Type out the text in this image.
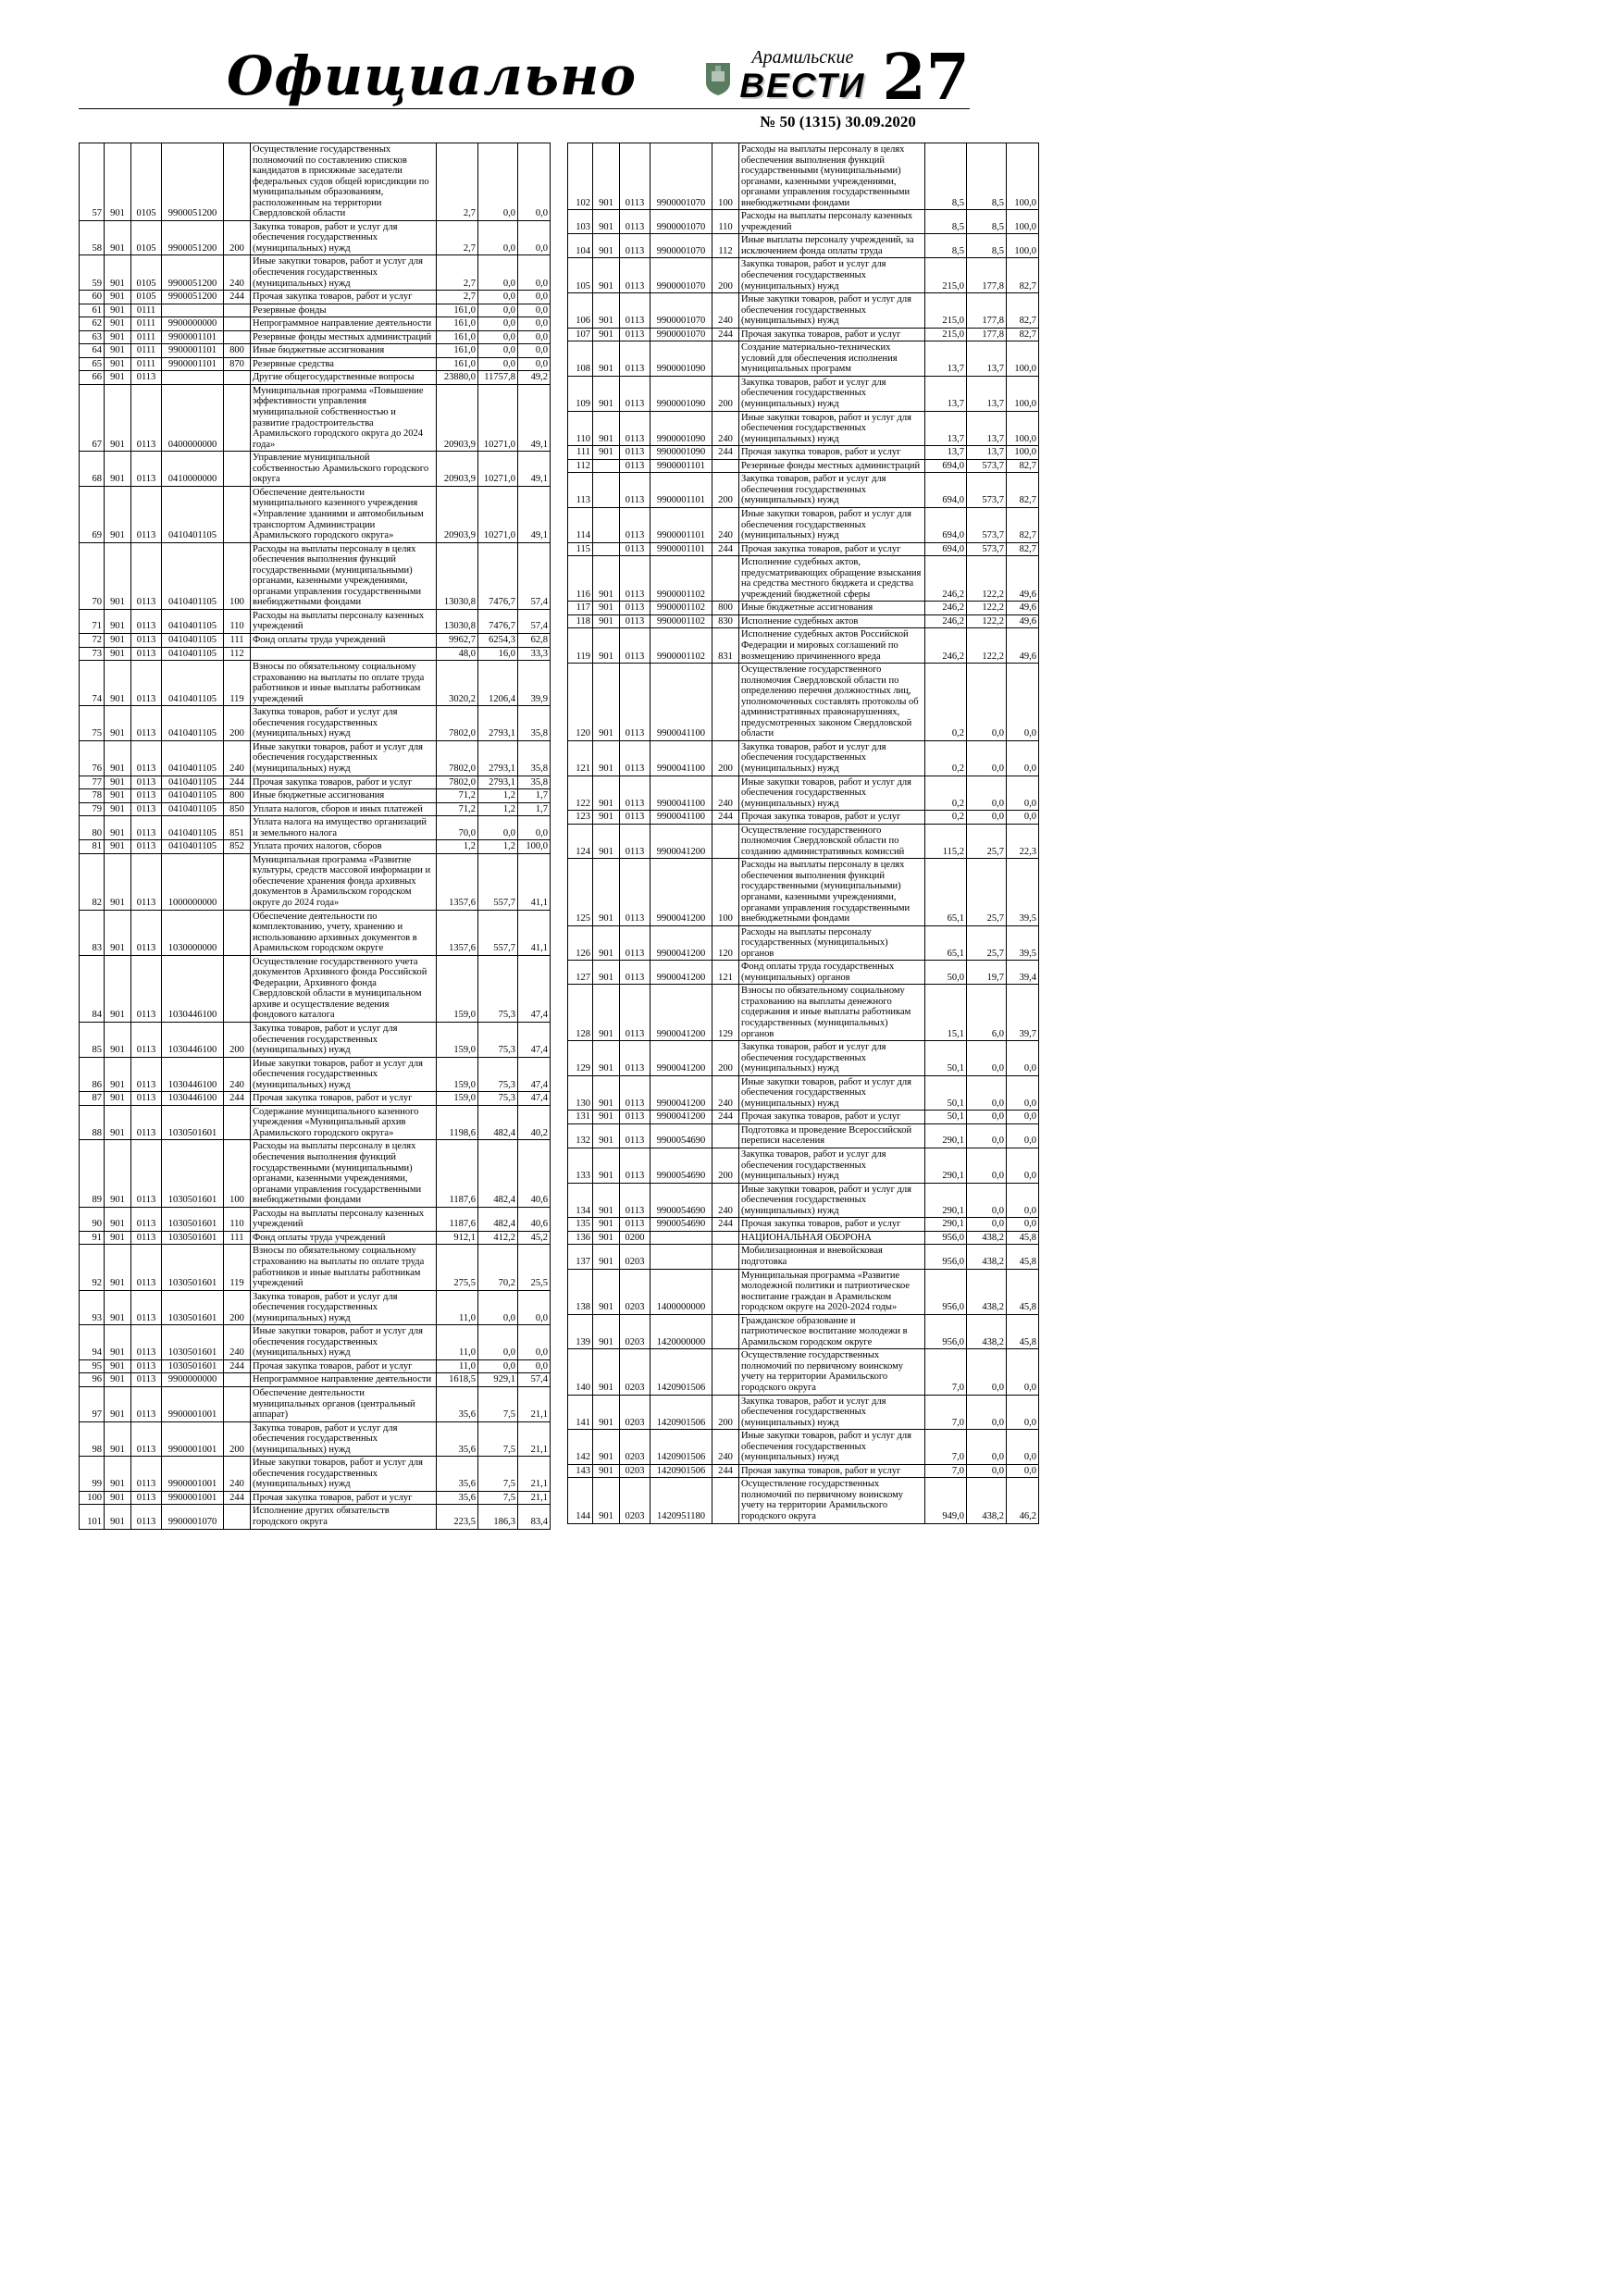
Официально	Арамильские
ВЕСТИ 27
№ 50 (1315) 30.09.2020
57	901	0105	9900051200		Осуществление государственных полномочий по составлению списков кандидатов в присяжные заседатели федеральных судов общей юрисдикции по муниципальным образованиям, расположенным на территории Свердловской области	2,7	0,0	0,0
58	901	0105	9900051200	200	Закупка товаров, работ и услуг для обеспечения государственных (муниципальных) нужд	2,7	0,0	0,0
59	901	0105	9900051200	240	Иные закупки товаров, работ и услуг для обеспечения государственных (муниципальных) нужд	2,7	0,0	0,0
60	901	0105	9900051200	244	Прочая закупка товаров, работ и услуг	2,7	0,0	0,0
61	901	0111			Резервные фонды	161,0	0,0	0,0
62	901	0111	9900000000		Непрограммное направление деятельности	161,0	0,0	0,0
63	901	0111	9900001101		Резервные фонды местных администраций	161,0	0,0	0,0
64	901	0111	9900001101	800	Иные бюджетные ассигнования	161,0	0,0	0,0
65	901	0111	9900001101	870	Резервные средства	161,0	0,0	0,0
66	901	0113			Другие общегосударственные вопросы	23880,0	11757,8	49,2
67	901	0113	0400000000		Муниципальная программа «Повышение эффективности управления муниципальной собственностью и развитие градостроительства Арамильского городского округа до 2024 года»	20903,9	10271,0	49,1
68	901	0113	0410000000		Управление муниципальной собственностью Арамильского городского округа	20903,9	10271,0	49,1
69	901	0113	0410401105		Обеспечение деятельности муниципального казенного учреждения «Управление зданиями и автомобильным транспортом Администрации Арамильского городского округа»	20903,9	10271,0	49,1
70	901	0113	0410401105	100	Расходы на выплаты персоналу в целях обеспечения выполнения функций государственными (муниципальными) органами, казенными учреждениями, органами управления государственными внебюджетными фондами	13030,8	7476,7	57,4
71	901	0113	0410401105	110	Расходы на выплаты персоналу казенных учреждений	13030,8	7476,7	57,4
72	901	0113	0410401105	111	Фонд оплаты труда учреждений	9962,7	6254,3	62,8
73	901	0113	0410401105	112		48,0	16,0	33,3
74	901	0113	0410401105	119	Взносы по обязательному социальному страхованию на выплаты по оплате труда работников и иные выплаты работникам учреждений	3020,2	1206,4	39,9
75	901	0113	0410401105	200	Закупка товаров, работ и услуг для обеспечения государственных (муниципальных) нужд	7802,0	2793,1	35,8
76	901	0113	0410401105	240	Иные закупки товаров, работ и услуг для обеспечения государственных (муниципальных) нужд	7802,0	2793,1	35,8
77	901	0113	0410401105	244	Прочая закупка товаров, работ и услуг	7802,0	2793,1	35,8
78	901	0113	0410401105	800	Иные бюджетные ассигнования	71,2	1,2	1,7
79	901	0113	0410401105	850	Уплата налогов, сборов и иных платежей	71,2	1,2	1,7
80	901	0113	0410401105	851	Уплата налога на имущество организаций и земельного налога	70,0	0,0	0,0
81	901	0113	0410401105	852	Уплата прочих налогов, сборов	1,2	1,2	100,0
82	901	0113	1000000000		Муниципальная программа «Развитие культуры, средств массовой информации и обеспечение хранения фонда архивных документов в Арамильском городском округе до 2024 года»	1357,6	557,7	41,1
83	901	0113	1030000000		Обеспечение деятельности по комплектованию, учету, хранению и использованию архивных документов в Арамильском городском округе	1357,6	557,7	41,1
84	901	0113	1030446100		Осуществление государственного учета документов Архивного фонда Российской Федерации, Архивного фонда Свердловской области в муниципальном архиве и осуществление ведения фондового каталога	159,0	75,3	47,4
85	901	0113	1030446100	200	Закупка товаров, работ и услуг для обеспечения государственных (муниципальных) нужд	159,0	75,3	47,4
86	901	0113	1030446100	240	Иные закупки товаров, работ и услуг для обеспечения государственных (муниципальных) нужд	159,0	75,3	47,4
87	901	0113	1030446100	244	Прочая закупка товаров, работ и услуг	159,0	75,3	47,4
88	901	0113	1030501601		Содержание муниципального казенного учреждения «Муниципальный архив Арамильского городского округа»	1198,6	482,4	40,2
89	901	0113	1030501601	100	Расходы на выплаты персоналу в целях обеспечения выполнения функций государственными (муниципальными) органами, казенными учреждениями, органами управления государственными внебюджетными фондами	1187,6	482,4	40,6
90	901	0113	1030501601	110	Расходы на выплаты персоналу казенных учреждений	1187,6	482,4	40,6
91	901	0113	1030501601	111	Фонд оплаты труда учреждений	912,1	412,2	45,2
92	901	0113	1030501601	119	Взносы по обязательному социальному страхованию на выплаты по оплате труда работников и иные выплаты работникам учреждений	275,5	70,2	25,5
93	901	0113	1030501601	200	Закупка товаров, работ и услуг для обеспечения государственных (муниципальных) нужд	11,0	0,0	0,0
94	901	0113	1030501601	240	Иные закупки товаров, работ и услуг для обеспечения государственных (муниципальных) нужд	11,0	0,0	0,0
95	901	0113	1030501601	244	Прочая закупка товаров, работ и услуг	11,0	0,0	0,0
96	901	0113	9900000000		Непрограммное направление деятельности	1618,5	929,1	57,4
97	901	0113	9900001001		Обеспечение деятельности муниципальных органов (центральный аппарат)	35,6	7,5	21,1
98	901	0113	9900001001	200	Закупка товаров, работ и услуг для обеспечения государственных (муниципальных) нужд	35,6	7,5	21,1
99	901	0113	9900001001	240	Иные закупки товаров, работ и услуг для обеспечения государственных (муниципальных) нужд	35,6	7,5	21,1
100	901	0113	9900001001	244	Прочая закупка товаров, работ и услуг	35,6	7,5	21,1
101	901	0113	9900001070		Исполнение других обязательств городского округа	223,5	186,3	83,4
102	901	0113	9900001070	100	Расходы на выплаты персоналу в целях обеспечения выполнения функций государственными (муниципальными) органами, казенными учреждениями, органами управления государственными внебюджетными фондами	8,5	8,5	100,0
103	901	0113	9900001070	110	Расходы на выплаты персоналу казенных учреждений	8,5	8,5	100,0
104	901	0113	9900001070	112	Иные выплаты персоналу учреждений, за исключением фонда оплаты труда	8,5	8,5	100,0
105	901	0113	9900001070	200	Закупка товаров, работ и услуг для обеспечения государственных (муниципальных) нужд	215,0	177,8	82,7
106	901	0113	9900001070	240	Иные закупки товаров, работ и услуг для обеспечения государственных (муниципальных) нужд	215,0	177,8	82,7
107	901	0113	9900001070	244	Прочая закупка товаров, работ и услуг	215,0	177,8	82,7
108	901	0113	9900001090		Создание материально-технических условий для обеспечения исполнения муниципальных программ	13,7	13,7	100,0
109	901	0113	9900001090	200	Закупка товаров, работ и услуг для обеспечения государственных (муниципальных) нужд	13,7	13,7	100,0
110	901	0113	9900001090	240	Иные закупки товаров, работ и услуг для обеспечения государственных (муниципальных) нужд	13,7	13,7	100,0
111	901	0113	9900001090	244	Прочая закупка товаров, работ и услуг	13,7	13,7	100,0
112		0113	9900001101		Резервные фонды местных администраций	694,0	573,7	82,7
113		0113	9900001101	200	Закупка товаров, работ и услуг для обеспечения государственных (муниципальных) нужд	694,0	573,7	82,7
114		0113	9900001101	240	Иные закупки товаров, работ и услуг для обеспечения государственных (муниципальных) нужд	694,0	573,7	82,7
115		0113	9900001101	244	Прочая закупка товаров, работ и услуг	694,0	573,7	82,7
116	901	0113	9900001102		Исполнение судебных актов, предусматривающих обращение взыскания на средства местного бюджета и средства учреждений бюджетной сферы	246,2	122,2	49,6
117	901	0113	9900001102	800	Иные бюджетные ассигнования	246,2	122,2	49,6
118	901	0113	9900001102	830	Исполнение судебных актов	246,2	122,2	49,6
119	901	0113	9900001102	831	Исполнение судебных актов Российской Федерации и мировых соглашений по возмещению причиненного вреда	246,2	122,2	49,6
120	901	0113	9900041100		Осуществление государственного полномочия Свердловской области по определению перечня должностных лиц, уполномоченных составлять протоколы об административных правонарушениях, предусмотренных законом Свердловской области	0,2	0,0	0,0
121	901	0113	9900041100	200	Закупка товаров, работ и услуг для обеспечения государственных (муниципальных) нужд	0,2	0,0	0,0
122	901	0113	9900041100	240	Иные закупки товаров, работ и услуг для обеспечения государственных (муниципальных) нужд	0,2	0,0	0,0
123	901	0113	9900041100	244	Прочая закупка товаров, работ и услуг	0,2	0,0	0,0
124	901	0113	9900041200		Осуществление государственного полномочия Свердловской области по созданию административных комиссий	115,2	25,7	22,3
125	901	0113	9900041200	100	Расходы на выплаты персоналу в целях обеспечения выполнения функций государственными (муниципальными) органами, казенными учреждениями, органами управления государственными внебюджетными фондами	65,1	25,7	39,5
126	901	0113	9900041200	120	Расходы на выплаты персоналу государственных (муниципальных) органов	65,1	25,7	39,5
127	901	0113	9900041200	121	Фонд оплаты труда государственных (муниципальных) органов	50,0	19,7	39,4
128	901	0113	9900041200	129	Взносы по обязательному социальному страхованию на выплаты денежного содержания и иные выплаты работникам государственных (муниципальных) органов	15,1	6,0	39,7
129	901	0113	9900041200	200	Закупка товаров, работ и услуг для обеспечения государственных (муниципальных) нужд	50,1	0,0	0,0
130	901	0113	9900041200	240	Иные закупки товаров, работ и услуг для обеспечения государственных (муниципальных) нужд	50,1	0,0	0,0
131	901	0113	9900041200	244	Прочая закупка товаров, работ и услуг	50,1	0,0	0,0
132	901	0113	9900054690		Подготовка и проведение Всероссийской переписи населения	290,1	0,0	0,0
133	901	0113	9900054690	200	Закупка товаров, работ и услуг для обеспечения государственных (муниципальных) нужд	290,1	0,0	0,0
134	901	0113	9900054690	240	Иные закупки товаров, работ и услуг для обеспечения государственных (муниципальных) нужд	290,1	0,0	0,0
135	901	0113	9900054690	244	Прочая закупка товаров, работ и услуг	290,1	0,0	0,0
136	901	0200			НАЦИОНАЛЬНАЯ ОБОРОНА	956,0	438,2	45,8
137	901	0203			Мобилизационная и вневойсковая подготовка	956,0	438,2	45,8
138	901	0203	1400000000		Муниципальная программа «Развитие молодежной политики и патриотическое воспитание граждан в Арамильском городском округе на 2020-2024 годы»	956,0	438,2	45,8
139	901	0203	1420000000		Гражданское образование и патриотическое воспитание молодежи в Арамильском городском округе	956,0	438,2	45,8
140	901	0203	1420901506		Осуществление государственных полномочий по первичному воинскому учету на территории Арамильского городского округа	7,0	0,0	0,0
141	901	0203	1420901506	200	Закупка товаров, работ и услуг для обеспечения государственных (муниципальных) нужд	7,0	0,0	0,0
142	901	0203	1420901506	240	Иные закупки товаров, работ и услуг для обеспечения государственных (муниципальных) нужд	7,0	0,0	0,0
143	901	0203	1420901506	244	Прочая закупка товаров, работ и услуг	7,0	0,0	0,0
144	901	0203	1420951180		Осуществление государственных полномочий по первичному воинскому учету на территории Арамильского городского округа	949,0	438,2	46,2
